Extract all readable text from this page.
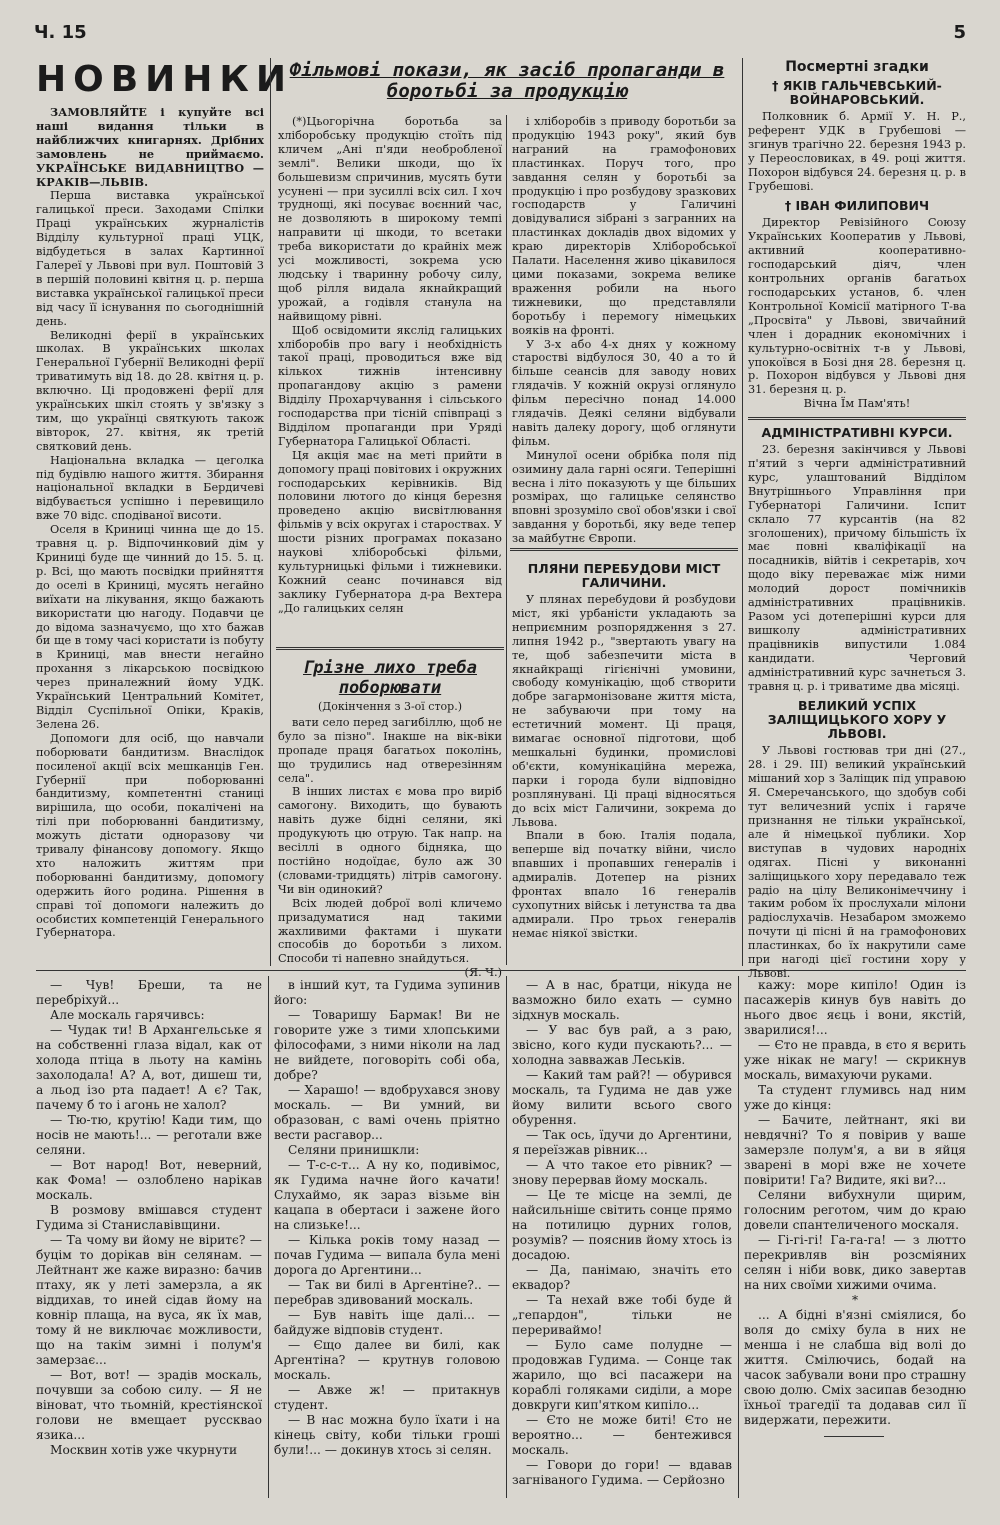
Ч. 15	5
НОВИНКИ

ЗАМОВЛЯЙТЕ і купуйте всі наші видання тільки в найближчих книгарнях. Дрібних замовлень не приймаємо. УКРАЇНСЬКЕ ВИДАВНИЦТВО — КРАКІВ—ЛЬВІВ.

Перша виставка української галицької преси. Заходами Спілки Праці українських журналістів Відділу культурної праці УЦК, відбудеться в залах Картинної Галереї у Львові при вул. Поштовій 3 в першій половині квітня ц. р. перша виставка української галицької преси від часу її існування по сьогоднішній день.

Великодні ферії в українських школах. В українських школах Генеральної Губернії Великодні ферії триватимуть від 18. до 28. квітня ц. р. включно. Ці продовжені ферії для українських шкіл стоять у зв'язку з тим, що українці святкують також вівторок, 27. квітня, як третій святковий день.

Національна вкладка — цеголка під будівлю нашого життя. Збирання національної вкладки в Бердичеві відбувається успішно і перевищило вже 70 відс. сподіваної висоти.

Оселя в Криниці чинна ще до 15. травня ц. р. Відпочинковий дім у Криниці буде ще чинний до 15. 5. ц. р. Всі, що мають посвідки прийняття до оселі в Криниці, мусять негайно виїхати на лікування, якщо бажають використати цю нагоду. Подавчи це до відома зазначуємо, що хто бажав би ще в тому часі користати із побуту в Криниці, мав внести негайно прохання з лікарською посвідкою через приналежний йому УДК. Український Центральний Комітет, Відділ Суспільної Опіки, Краків, Зелена 26.

Допомоги для осіб, що навчали поборювати бандитизм. Внаслідок посиленої акції всіх мешканців Ген. Губернії при поборюванні бандитизму, компетентні станиці вирішила, що особи, покалічені на тілі при поборюванні бандитизму, можуть дістати одноразову чи тривалу фінансову допомогу. Якщо хто наложить життям при поборюванні бандитизму, допомогу одержить його родина. Рішення в справі тої допомоги належить до особистих компетенцій Генерального Губернатора.

Фільмові покази, як засіб пропаганди в боротьбі за продукцію

(*)Цьогорічна боротьба за хліборобську продукцію стоїть під кличем „Ані п'яди необробленої землі". Велики шкоди, що їх большевизм спричинив, мусять бути усунені — при зусиллі всіх сил. І хоч труднощі, які посуває воєнний час, не дозволяють в широкому темпі направити ці шкоди, то всетаки треба використати до крайніх меж усі можливості, зокрема усю людську і тваринну робочу силу, щоб рілля видала якнайкращий урожай, а годівля станула на найвищому рівні.

Щоб освідомити якслід галицьких хліборобів про вагу і необхідність такої праці, проводиться вже від кількох тижнів інтенсивну пропагандову акцію з рамени Відділу Прохарчування і сільського господарства при тісній співпраці з Відділом пропаганди при Уряді Губернатора Галицької Області.

Ця акція має на меті прийти в допомогу праці повітових і окружних господарських керівників. Від половини лютого до кінця березня проведено акцію висвітлювання фільмів у всіх округах і староствах. У шости різних програмах показано наукові хліборобські фільми, культурницькі фільми і тижневики. Кожний сеанс починався від заклику Губернатора д-ра Вехтера „До галицьких селян

і хліборобів з приводу боротьби за продукцію 1943 року", який був награний на грамофонових пластинках. Поруч того, про завдання селян у боротьбі за продукцію і про розбудову зразкових господарств у Галичині довідувалися зібрані з загранних на пластинках докладів двох відомих у краю директорів Хліборобської Палати. Населення живо цікавилося цими показами, зокрема велике враження робили на нього тижневики, що представляли боротьбу і перемогу німецьких вояків на фронті.

У 3-х або 4-х днях у кожному старостві відбулося 30, 40 а то й більше сеансів для заводу нових глядачів. У кожній окрузі оглянуло фільм пересічно понад 14.000 глядачів. Деякі селяни відбували навіть далеку дорогу, щоб оглянути фільм.

Минулої осени обрібка поля під озимину дала гарні осяги. Теперішні весна і літо показують у ще більших розмірах, що галицьке селянство вповні зрозуміло свої обов'язки і свої завдання у боротьбі, яку веде тепер за майбутнє Європи.

ПЛЯНИ ПЕРЕБУДОВИ МІСТ ГАЛИЧИНИ.

У плянах перебудови й розбудови міст, які урбаністи укладають за неприємним розпорядження з 27. липня 1942 р., "звертають увагу на те, щоб забезпечити міста в якнайкращі гігієнічні умовини, свободу комунікацію, щоб створити добре загармонізоване життя міста, не забуваючи при тому на естетичний момент. Ці праця, вимагає основної підготови, щоб мешкальні будинки, промислові об'єкти, комунікаційна мережа, парки і города були відповідно розплянувані. Ці праці відносяться до всіх міст Галичини, зокрема до Львова.

Впали в бою. Італія подала, веперше від початку війни, число впавших і пропавших генералів і адмиралів. Дотепер на різних фронтах впало 16 генералів сухопутних військ і летунства та два адмирали. Про трьох генералів немає ніякої звістки.

Грізне лихо треба поборювати
(Докінчення з 3-ої стор.)

вати село перед загибіллю, щоб не було за пізно". Інакше на вік-віки пропаде праця багатьох поколінь, що трудились над отверезінням села".

В інших листах є мова про виріб самогону. Виходить, що бувають навіть дуже бідні селяни, які продукують цю отрую. Так напр. на весіллі в одного бідняка, що постійно нодоїдає, було аж 30 (словами-тридцять) літрів самогону. Чи він одинокий?

Всіх людей доброї волі кличемо призадуматися над такими жахливими фактами і шукати способів до боротьби з лихом. Способи ті напевно знайдуться.

(Я. Ч.)

Посмертні згадки
† ЯКІВ ГАЛЬЧЕВСЬКИЙ-ВОЙНАРОВСЬКИЙ.

Полковник б. Армії У. Н. Р., референт УДК в Грубешові — згинув трагічно 22. березня 1943 р. у Переословиках, в 49. році життя. Похорон відбувся 24. березня ц. р. в Грубешові.

† ІВАН ФИЛИПОВИЧ

Директор Ревізійного Союзу Українських Кооператив у Львові, активний кооперативно-господарський діяч, член контрольних органів багатьох господарських установ, б. член Контрольної Комісії матірного Т-ва „Просвіта" у Львові, звичайний член і дорадник економічних і культурно-освітніх т-в у Львові, упокоївся в Бозі дня 28. березня ц. р. Похорон відбувся у Львові дня 31. березня ц. р.

Вічна Їм Пам'ять!

АДМІНІСТРАТИВНІ КУРСИ.

23. березня закінчився у Львові п'ятий з черги адміністративний курс, улаштований Відділом Внутрішнього Управління при Губернаторі Галичини. Іспит склало 77 курсантів (на 82 зголошених), причому більшість їх має повні кваліфікації на посадників, війтів і секретарів, хоч щодо віку переважає між ними молодий дорост помічників адміністративних працівників. Разом усі дотеперішні курси для вишколу адміністративних працівників випустили 1.084 кандидати. Черговий адміністративний курс зачнеться 3. травня ц. р. і триватиме два місяці.

ВЕЛИКИЙ УСПІХ ЗАЛІЩИЦЬКОГО ХОРУ У ЛЬВОВІ.

У Львові гостював три дні (27., 28. і 29. ІІІ) великий український мішаний хор з Заліщик під управою Я. Смеречанського, що здобув собі тут величезний успіх і гаряче признання не тільки української, але й німецької публики. Хор виступав в чудових народніх одягах. Пісні у виконанні заліщицького хору передавало теж радіо на цілу Великонімеччину і таким робом їх прослухали мілони радіослухачів. Незабаром зможемо почути ці пісні й на грамофонових пластинках, бо їх накрутили саме при нагоді цієї гостини хору у Львові.

— Чув! Бреши, та не перебріхуй...

Але москаль гарячивсь:

— Чудак ти! В Архангельське я на собственні глаза відал, как от холода птіца в льоту на камінь захолодала! А? А, вот, дишеш ти, а льод ізо рта падает! А є? Так, пачему б то і агонь не халол?

— Тю-тю, крутію! Кади тим, що носів не мають!... — реготали вже селяни.

— Вот народ! Вот, неверний, как Фома! — озлоблено нарікав москаль.

В розмову вмішався студент Гудима зі Станиславівщини.

— Та чому ви йому не віритє? — буцім то дорікав він селянам. — Лейтнант же каже виразно: бачив птаху, як у леті замерзла, а як віддихав, то иней сідав йому на ковнір плаща, на вуса, як їх мав, тому й не виключає можливости, що на такім зимні і полум'я замерзає...

— Вот, вот! — зрадів москаль, почувши за собою силу. — Я не віноват, что тьомній, крестіянскої голови не вмещает руссквао язика...

Москвин хотів уже чкурнути

в інший кут, та Гудима зупинив його:

— Товаришу Бармак! Ви не говорите уже з тими хлопськими філософами, з ними ніколи на лад не вийдете, поговоріть собі оба, добре?

— Харашо! — вдобрухався знову москаль. — Ви умний, ви образован, с вамі очень пріятно вести расгавор...

Селяни принишкли:

— Т-с-с-т... А ну ко, подивімос, як Гудима начне його качати! Слухаймо, як зараз візьме він кацапа в обертаси і зажене його на слизьке!...

— Кілька років тому назад — почав Гудима — випала була мені дорога до Аргентини...

— Так ви билі в Аргентіне?.. — перебрав здивований москаль.

— Був навіть іще далі... — байдуже відповів студент.

— Єщо далее ви билі, как Аргентіна? — крутнув головою москаль.

— Авже ж! — притакнув студент.

— В нас можна було їхати і на кінець світу, коби тільки гроші були!... — докинув хтось зі селян.

— А в нас, братци, нікуда не вазможно било ехать — сумно зідхнув москаль.

— У вас був рай, а з раю, звісно, кого куди пускають?... — холодна завважав Леськів.

— Какий там рай?! — обурився москаль, та Гудима не дав уже йому вилити всього свого обурення.

— Так ось, їдучи до Аргентини, я переїзжав рівник...

— А что такое ето рівник? — знову перервав йому москаль.

— Це те місце на землі, де найсильніше світить сонце прямо на потилицю дурних голов, розумів? — пояснив йому хтось із досадою.

— Да, панімаю, значіть ето еквадор?

— Та нехай вже тобі буде й „гепардон", тільки не перериваймо!

— Було саме полудне — продовжав Гудима. — Сонце так жарило, що всі пасажери на кораблі голяками сиділи, а море довкруги кип'ятком кипіло...

— Єто не може биті! Єто не вероятно... — бентежився москаль.

— Говори до гори! — вдавав загніваного Гудима. — Серйозно

кажу: море кипіло! Один із пасажерів кинув був навіть до нього двоє яєць і вони, якстій, зварилися!...

— Єто не правда, в єто я вєрить уже нікак не магу! — скрикнув москаль, вимахуючи руками.

Та студент глумивсь над ним уже до кінця:

— Бачите, лейтнант, які ви невдячні? То я повірив у ваше замерзле полум'я, а ви в яйця зварені в морі вже не хочете повірити! Га? Видите, які ви?...

Селяни вибухнули щирим, голосним реготом, чим до краю довели спантеличеного москаля.

— Гі-гі-гі! Га-га-га! — з лютто перекривляв він розсміяних селян і ніби вовк, дико завертав на них своїми хижими очима.

*

... А бідні в'язні сміялися, бо воля до сміху була в них не менша і не слабша від волі до життя. Смілючись, бодай на часок забували вони про страшну свою долю. Сміх засипав безодню їхньої трагедії та додавав сил її видержати, пережити.
